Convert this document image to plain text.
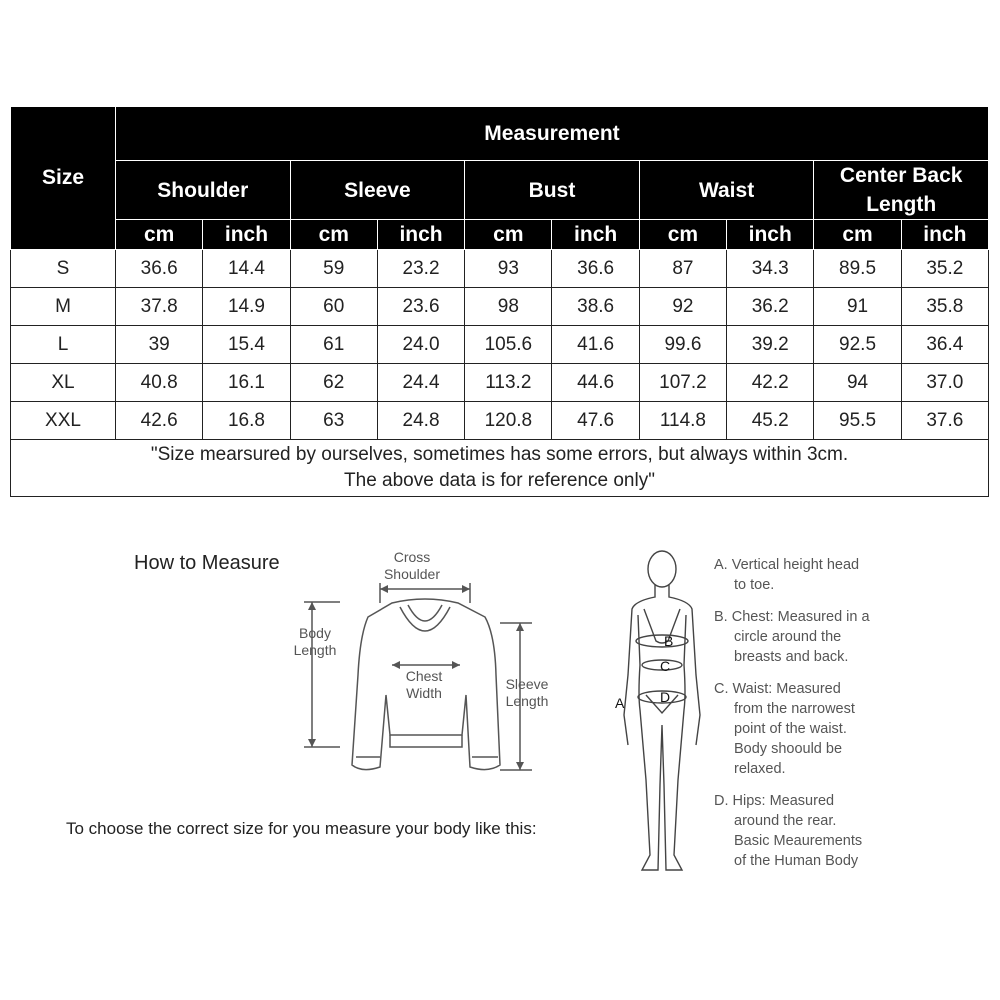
Size	Measurement									
	Shoulder		Sleeve		Bust		Waist		Center Back Length	
	cm	inch	cm	inch	cm	inch	cm	inch	cm	inch
S	36.6	14.4	59	23.2	93	36.6	87	34.3	89.5	35.2
M	37.8	14.9	60	23.6	98	38.6	92	36.2	91	35.8
L	39	15.4	61	24.0	105.6	41.6	99.6	39.2	92.5	36.4
XL	40.8	16.1	62	24.4	113.2	44.6	107.2	42.2	94	37.0
XXL	42.6	16.8	63	24.8	120.8	47.6	114.8	45.2	95.5	37.6
"Size mearsured by ourselves, sometimes has some errors, but always within 3cm.
The above data is for reference only"										
How to Measure	Cross
Shoulder
Body
Length
Chest
Width
Sleeve
Length
To choose the correct size for you measure your body like this:
B
C
D
A

A. Vertical height head
to toe.

B. Chest: Measured in a
circle around the
breasts and back.

C. Waist: Measured
from the narrowest
point of the waist.
Body shoould be
relaxed.

D. Hips: Measured
around the rear.
Basic Meaurements
of the Human Body
